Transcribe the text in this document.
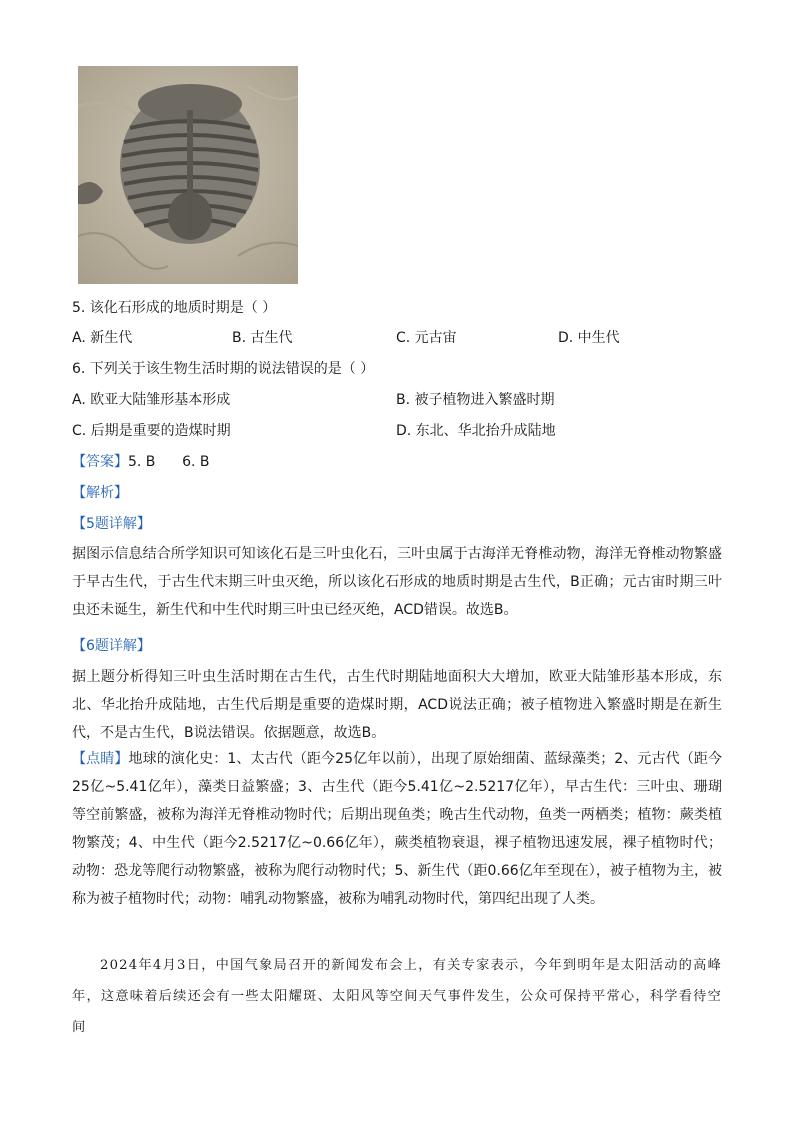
5. 该化石形成的地质时期是（ ）
A. 新生代	B. 古生代	C. 元古宙	D. 中生代
6. 下列关于该生物生活时期的说法错误的是（ ）
A. 欧亚大陆雏形基本形成	B. 被子植物进入繁盛时期
C. 后期是重要的造煤时期	D. 东北、华北抬升成陆地
【答案】5. B      6. B
【解析】
【5题详解】
据图示信息结合所学知识可知该化石是三叶虫化石，三叶虫属于古海洋无脊椎动物，海洋无脊椎动物繁盛于早古生代，于古生代末期三叶虫灭绝，所以该化石形成的地质时期是古生代，B正确；元古宙时期三叶虫还未诞生，新生代和中生代时期三叶虫已经灭绝，ACD错误。故选B。
【6题详解】
据上题分析得知三叶虫生活时期在古生代，古生代时期陆地面积大大增加，欧亚大陆雏形基本形成，东北、华北抬升成陆地，古生代后期是重要的造煤时期，ACD说法正确；被子植物进入繁盛时期是在新生代，不是古生代，B说法错误。依据题意，故选B。
【点睛】地球的演化史：1、太古代（距今25亿年以前），出现了原始细菌、蓝绿藻类；2、元古代（距今25亿~5.41亿年），藻类日益繁盛；3、古生代（距今5.41亿~2.5217亿年），早古生代：三叶虫、珊瑚等空前繁盛，被称为海洋无脊椎动物时代；后期出现鱼类；晚古生代动物，鱼类一两栖类；植物：蕨类植物繁茂；4、中生代（距今2.5217亿~0.66亿年），蕨类植物衰退，裸子植物迅速发展，裸子植物时代；动物：恐龙等爬行动物繁盛，被称为爬行动物时代；5、新生代（距0.66亿年至现在），被子植物为主，被称为被子植物时代；动物：哺乳动物繁盛，被称为哺乳动物时代，第四纪出现了人类。
2024年4月3日，中国气象局召开的新闻发布会上，有关专家表示，今年到明年是太阳活动的高峰年，这意味着后续还会有一些太阳耀斑、太阳风等空间天气事件发生，公众可保持平常心，科学看待空间
